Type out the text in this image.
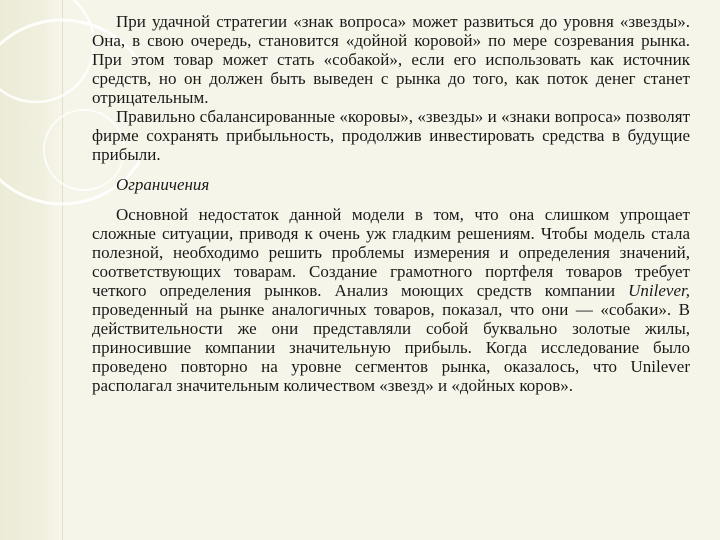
При удачной стратегии «знак вопроса» может развиться до уровня «звезды». Она, в свою очередь, становится «дойной коровой» по мере созревания рынка. При этом товар может стать «собакой», если его использовать как источник средств, но он должен быть выведен с рынка до того, как поток денег станет отрицательным.

Правильно сбалансированные «коровы», «звезды» и «знаки вопроса» позволят фирме сохранять прибыльность, продолжив инвестировать средства в будущие прибыли.

Ограничения

Основной недостаток данной модели в том, что она слишком упрощает сложные ситуации, приводя к очень уж гладким решениям. Чтобы модель стала полезной, необходимо решить проблемы измерения и определения значений, соответствующих товарам. Создание грамотного портфеля товаров требует четкого определения рынков. Анализ моющих средств компании Unilever, проведенный на рынке аналогичных товаров, показал, что они — «собаки». В действительности же они представляли собой буквально золотые жилы, приносившие компании значительную прибыль. Когда исследование было проведено повторно на уровне сегментов рынка, оказалось, что Unilever располагал значительным количеством «звезд» и «дойных коров».
